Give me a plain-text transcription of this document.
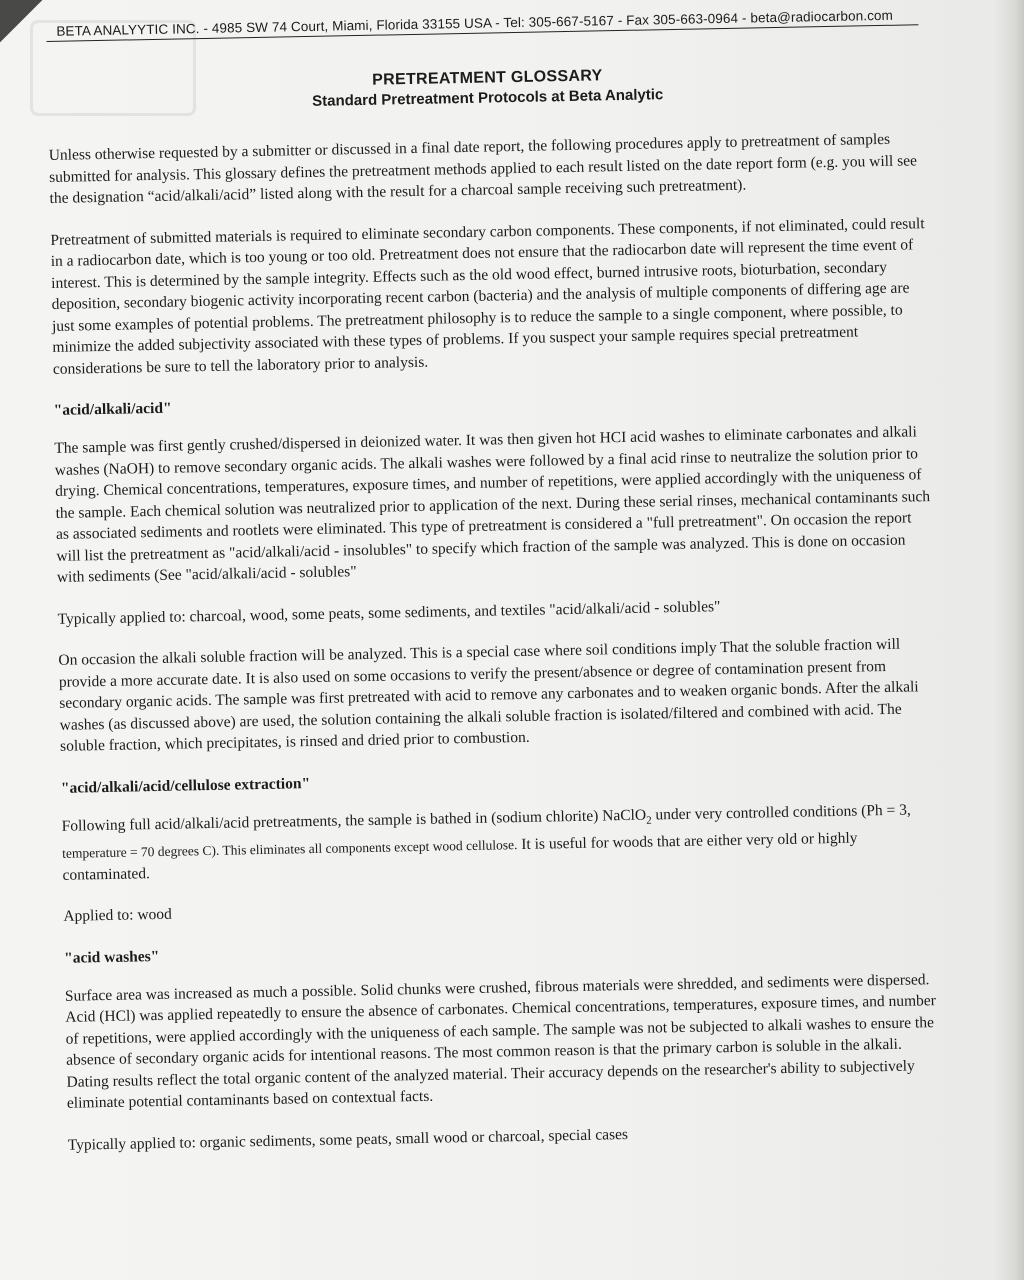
BETA ANALYYTIC INC. - 4985 SW 74 Court, Miami, Florida 33155 USA - Tel: 305-667-5167 - Fax 305-663-0964 - beta@radiocarbon.com
PRETREATMENT GLOSSARY
Standard Pretreatment Protocols at Beta Analytic

Unless otherwise requested by a submitter or discussed in a final date report, the following procedures apply to pretreatment of samples submitted for analysis. This glossary defines the pretreatment methods applied to each result listed on the date report form (e.g. you will see the designation “acid/alkali/acid” listed along with the result for a charcoal sample receiving such pretreatment).

Pretreatment of submitted materials is required to eliminate secondary carbon components. These components, if not eliminated, could result in a radiocarbon date, which is too young or too old. Pretreatment does not ensure that the radiocarbon date will represent the time event of interest. This is determined by the sample integrity. Effects such as the old wood effect, burned intrusive roots, bioturbation, secondary deposition, secondary biogenic activity incorporating recent carbon (bacteria) and the analysis of multiple components of differing age are just some examples of potential problems. The pretreatment philosophy is to reduce the sample to a single component, where possible, to minimize the added subjectivity associated with these types of problems. If you suspect your sample requires special pretreatment considerations be sure to tell the laboratory prior to analysis.

"acid/alkali/acid"

The sample was first gently crushed/dispersed in deionized water. It was then given hot HCI acid washes to eliminate carbonates and alkali washes (NaOH) to remove secondary organic acids. The alkali washes were followed by a final acid rinse to neutralize the solution prior to drying. Chemical concentrations, temperatures, exposure times, and number of repetitions, were applied accordingly with the uniqueness of the sample. Each chemical solution was neutralized prior to application of the next. During these serial rinses, mechanical contaminants such as associated sediments and rootlets were eliminated. This type of pretreatment is considered a "full pretreatment". On occasion the report will list the pretreatment as "acid/alkali/acid - insolubles" to specify which fraction of the sample was analyzed. This is done on occasion with sediments (See "acid/alkali/acid - solubles"

Typically applied to: charcoal, wood, some peats, some sediments, and textiles "acid/alkali/acid - solubles"

On occasion the alkali soluble fraction will be analyzed. This is a special case where soil conditions imply That the soluble fraction will provide a more accurate date. It is also used on some occasions to verify the present/absence or degree of contamination present from secondary organic acids. The sample was first pretreated with acid to remove any carbonates and to weaken organic bonds. After the alkali washes (as discussed above) are used, the solution containing the alkali soluble fraction is isolated/filtered and combined with acid. The soluble fraction, which precipitates, is rinsed and dried prior to combustion.

"acid/alkali/acid/cellulose extraction"

Following full acid/alkali/acid pretreatments, the sample is bathed in (sodium chlorite) NaClO$_2$ under very controlled conditions (Ph = 3, temperature = 70 degrees C). This eliminates all components except wood cellulose. It is useful for woods that are either very old or highly contaminated.

Applied to: wood

"acid washes"

Surface area was increased as much a possible. Solid chunks were crushed, fibrous materials were shredded, and sediments were dispersed. Acid (HCl) was applied repeatedly to ensure the absence of carbonates. Chemical concentrations, temperatures, exposure times, and number of repetitions, were applied accordingly with the uniqueness of each sample. The sample was not be subjected to alkali washes to ensure the absence of secondary organic acids for intentional reasons. The most common reason is that the primary carbon is soluble in the alkali. Dating results reflect the total organic content of the analyzed material. Their accuracy depends on the researcher's ability to subjectively eliminate potential contaminants based on contextual facts.

Typically applied to: organic sediments, some peats, small wood or charcoal, special cases
